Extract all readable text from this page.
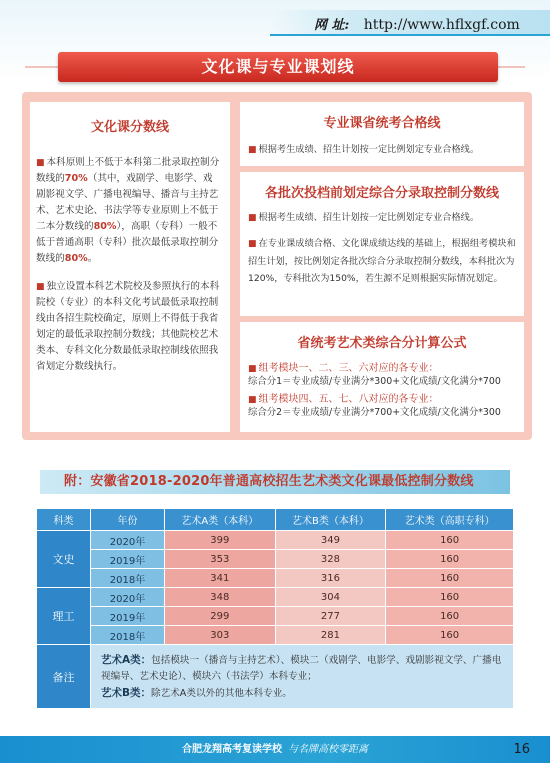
网 址: http://www.hflxgf.com
文化课与专业课划线
文化课分数线
■ 本科原则上不低于本科第二批录取控制分数线的70%（其中，戏剧学、电影学、戏剧影视文学、广播电视编导、播音与主持艺术、艺术史论、书法学等专业原则上不低于二本分数线的80%），高职（专科）一般不低于普通高职（专科）批次最低录取控制分数线的80%。
■ 独立设置本科艺术院校及参照执行的本科院校（专业）的本科文化考试最低录取控制线由各招生院校确定，原则上不得低于我省划定的最低录取控制分数线；其他院校艺术类本、专科文化分数最低录取控制线依照我省划定分数线执行。
专业课省统考合格线
■ 根据考生成绩、招生计划按一定比例划定专业合格线。
各批次投档前划定综合分录取控制分数线
■ 根据考生成绩、招生计划按一定比例划定专业合格线。
■ 在专业课成绩合格、文化课成绩达线的基础上，根据组考模块和招生计划，按比例划定各批次综合分录取控制分数线，本科批次为120%，专科批次为150%，若生源不足则根据实际情况划定。
省统考艺术类综合分计算公式
■ 组考模块一、二、三、六对应的各专业：
综合分1＝专业成绩/专业满分*300+文化成绩/文化满分*700
■ 组考模块四、五、七、八对应的各专业：
综合分2＝专业成绩/专业满分*700+文化成绩/文化满分*300
附：安徽省2018-2020年普通高校招生艺术类文化课最低控制分数线
科类	年份	艺术A类（本科）	艺术B类（本科）	艺术类（高职专科）
文史	2020年	399	349	160
	2019年	353	328	160
	2018年	341	316	160
理工	2020年	348	304	160
	2019年	299	277	160
	2018年	303	281	160
备注	艺术A类：包括模块一（播音与主持艺术）、模块二（戏剧学、电影学、戏剧影视文学、广播电视编导、艺术史论）、模块六（书法学）本科专业；
艺术B类：除艺术A类以外的其他本科专业。			
合肥龙翔高考复读学校 与名牌高校零距离	16
